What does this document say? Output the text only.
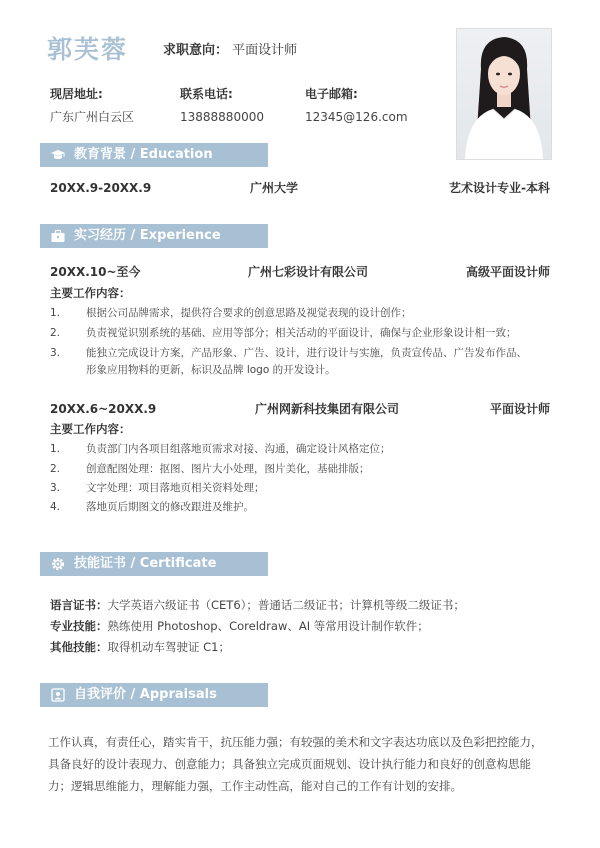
郭芙蓉	求职意向： 平面设计师
现居地址:
广东广州白云区
联系电话:
13888880000
电子邮箱:
12345@126.com
教育背景 / Education
20XX.9-20XX.9	广州大学	艺术设计专业-本科
实习经历 / Experience
20XX.10~至今	广州七彩设计有限公司	高级平面设计师
主要工作内容：
1. 根据公司品牌需求，提供符合要求的创意思路及视觉表现的设计创作；
2. 负责视觉识别系统的基础、应用等部分；相关活动的平面设计，确保与企业形象设计相一致；
3. 能独立完成设计方案，产品形象、广告、设计，进行设计与实施，负责宣传品、广告发布作品、
形象应用物料的更新，标识及品牌 logo 的开发设计。
20XX.6~20XX.9	广州网新科技集团有限公司	平面设计师
主要工作内容：
1. 负责部门内各项目组落地页需求对接、沟通，确定设计风格定位；
2. 创意配图处理：抠图、图片大小处理，图片美化，基础排版；
3. 文字处理：项目落地页相关资料处理；
4. 落地页后期图文的修改跟进及维护。
技能证书 / Certificate
语言证书：大学英语六级证书（CET6）；普通话二级证书；计算机等级二级证书；
专业技能：熟练使用 Photoshop、Coreldraw、AI 等常用设计制作软件；
其他技能：取得机动车驾驶证 C1；
自我评价 / Appraisals
工作认真，有责任心，踏实肯干，抗压能力强；有较强的美术和文字表达功底以及色彩把控能力，
具备良好的设计表现力、创意能力；具备独立完成页面规划、设计执行能力和良好的创意构思能
力；逻辑思维能力，理解能力强，工作主动性高，能对自己的工作有计划的安排。
